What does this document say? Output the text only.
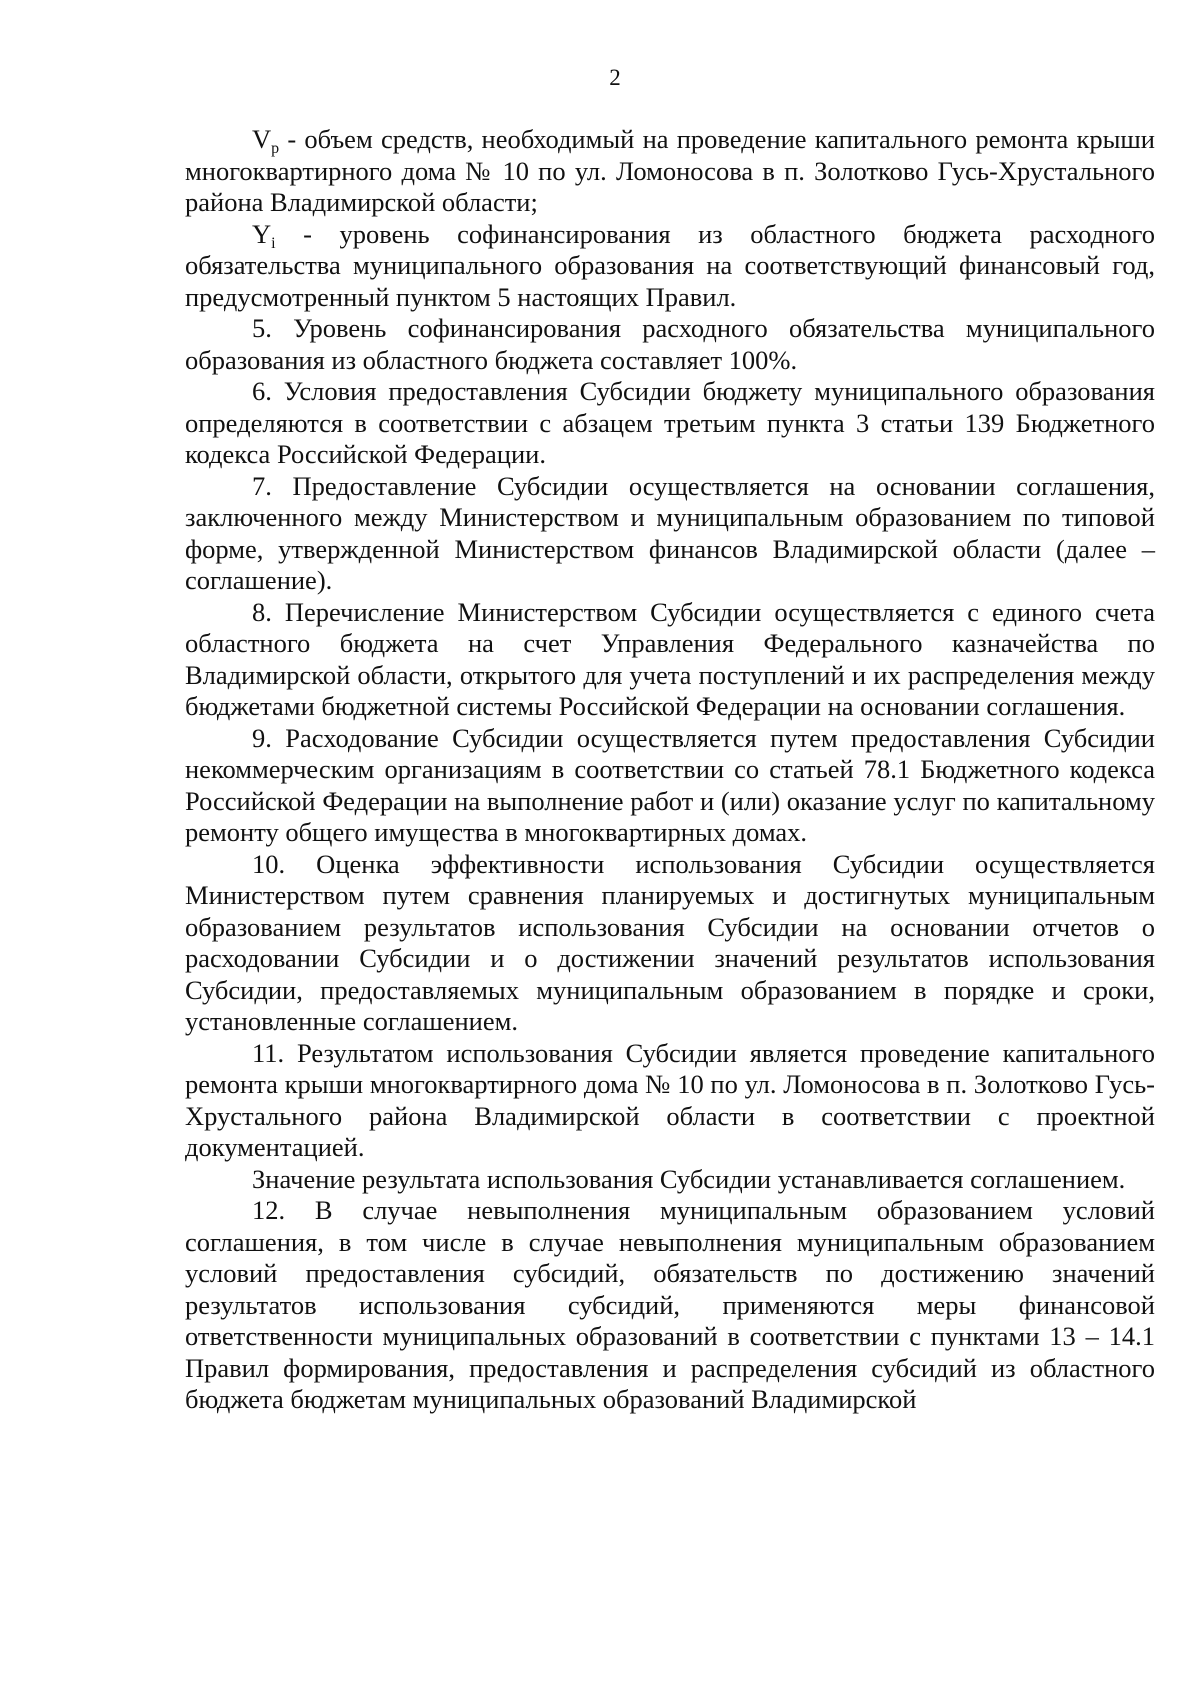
2

$V_р$ - объем средств, необходимый на проведение капитального ремонта крыши многоквартирного дома № 10 по ул. Ломоносова в п. Золотково Гусь-Хрустального района Владимирской области;

$Y_i$ - уровень софинансирования из областного бюджета расходного обязательства муниципального образования на соответствующий финансовый год, предусмотренный пунктом 5 настоящих Правил.

5. Уровень софинансирования расходного обязательства муниципального образования из областного бюджета составляет 100%.

6. Условия предоставления Субсидии бюджету муниципального образования определяются в соответствии с абзацем третьим пункта 3 статьи 139 Бюджетного кодекса Российской Федерации.

7. Предоставление Субсидии осуществляется на основании соглашения, заключенного между Министерством и муниципальным образованием по типовой форме, утвержденной Министерством финансов Владимирской области (далее – соглашение).

8. Перечисление Министерством Субсидии осуществляется с единого счета областного бюджета на счет Управления Федерального казначейства по Владимирской области, открытого для учета поступлений и их распределения между бюджетами бюджетной системы Российской Федерации на основании соглашения.

9. Расходование Субсидии осуществляется путем предоставления Субсидии некоммерческим организациям в соответствии со статьей 78.1 Бюджетного кодекса Российской Федерации на выполнение работ и (или) оказание услуг по капитальному ремонту общего имущества в многоквартирных домах.

10. Оценка эффективности использования Субсидии осуществляется Министерством путем сравнения планируемых и достигнутых муниципальным образованием результатов использования Субсидии на основании отчетов о расходовании Субсидии и о достижении значений результатов использования Субсидии, предоставляемых муниципальным образованием в порядке и сроки, установленные соглашением.

11. Результатом использования Субсидии является проведение капитального ремонта крыши многоквартирного дома № 10 по ул. Ломоносова в п. Золотково Гусь-Хрустального района Владимирской области в соответствии с проектной документацией.

Значение результата использования Субсидии устанавливается соглашением.

12. В случае невыполнения муниципальным образованием условий соглашения, в том числе в случае невыполнения муниципальным образованием условий предоставления субсидий, обязательств по достижению значений результатов использования субсидий, применяются меры финансовой ответственности муниципальных образований в соответствии с пунктами 13 – 14.1 Правил формирования, предоставления и распределения субсидий из областного бюджета бюджетам муниципальных образований Владимирской
